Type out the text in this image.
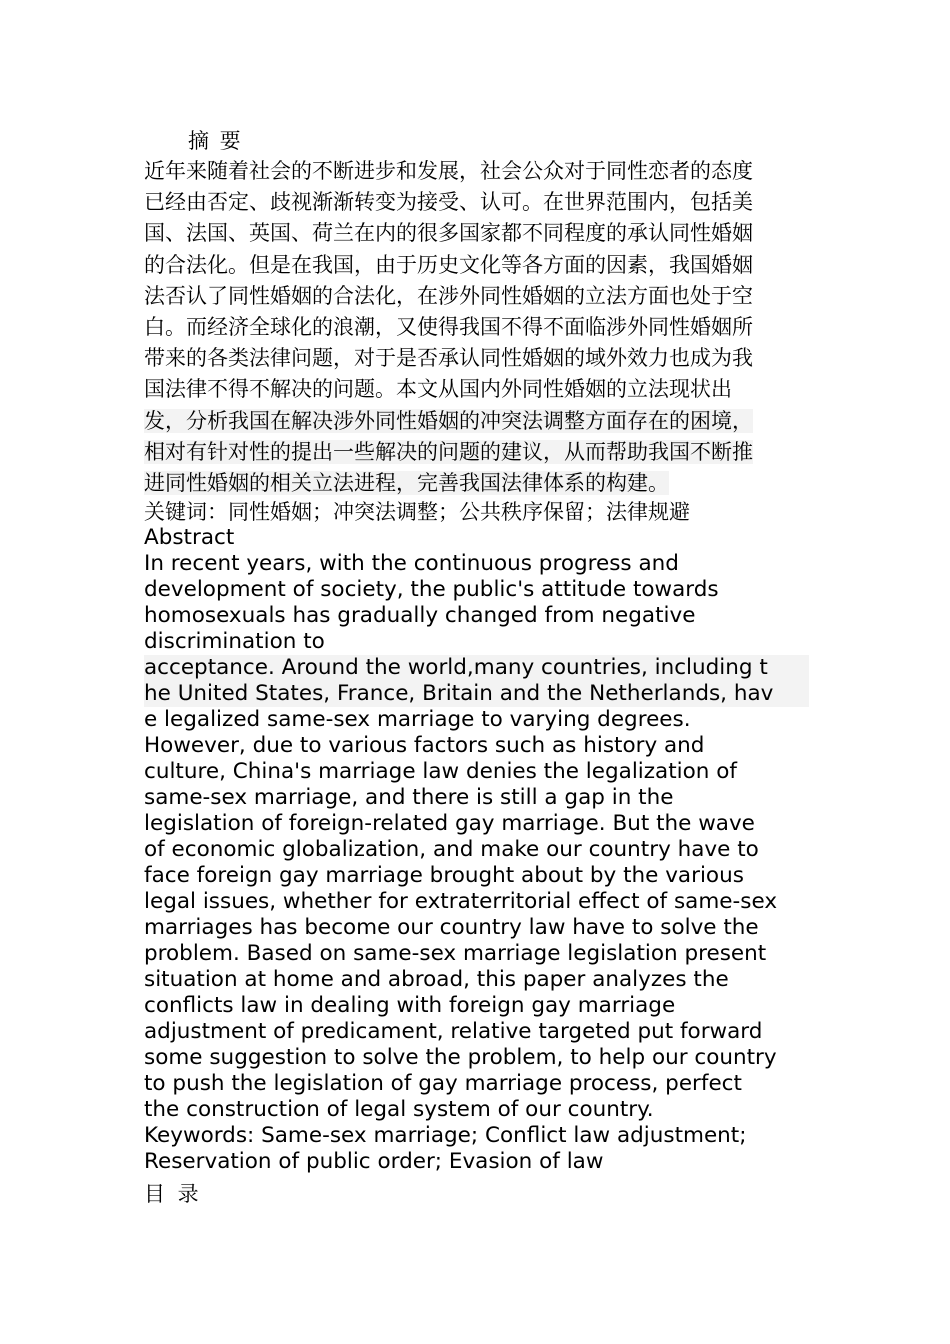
摘 要
近年来随着社会的不断进步和发展，社会公众对于同性恋者的态度
已经由否定、歧视渐渐转变为接受、认可。在世界范围内，包括美
国、法国、英国、荷兰在内的很多国家都不同程度的承认同性婚姻
的合法化。但是在我国，由于历史文化等各方面的因素，我国婚姻
法否认了同性婚姻的合法化，在涉外同性婚姻的立法方面也处于空
白。而经济全球化的浪潮，又使得我国不得不面临涉外同性婚姻所
带来的各类法律问题，对于是否承认同性婚姻的域外效力也成为我
国法律不得不解决的问题。本文从国内外同性婚姻的立法现状出
发，分析我国在解决涉外同性婚姻的冲突法调整方面存在的困境，
相对有针对性的提出一些解决的问题的建议，从而帮助我国不断推
进同性婚姻的相关立法进程，完善我国法律体系的构建。
关键词：同性婚姻；冲突法调整；公共秩序保留；法律规避
Abstract
In recent years, with the continuous progress and
development of society, the public's attitude towards
homosexuals has gradually changed from negative
discrimination to
acceptance. Around the world,many countries, including t
he United States, France, Britain and the Netherlands, hav
e legalized same-sex marriage to varying degrees.
However, due to various factors such as history and
culture, China's marriage law denies the legalization of
same-sex marriage, and there is still a gap in the
legislation of foreign-related gay marriage. But the wave
of economic globalization, and make our country have to
face foreign gay marriage brought about by the various
legal issues, whether for extraterritorial effect of same-sex
marriages has become our country law have to solve the
problem. Based on same-sex marriage legislation present
situation at home and abroad, this paper analyzes the
conflicts law in dealing with foreign gay marriage
adjustment of predicament, relative targeted put forward
some suggestion to solve the problem, to help our country
to push the legislation of gay marriage process, perfect
the construction of legal system of our country.
Keywords: Same-sex marriage; Conflict law adjustment;
Reservation of public order; Evasion of law
目 录
